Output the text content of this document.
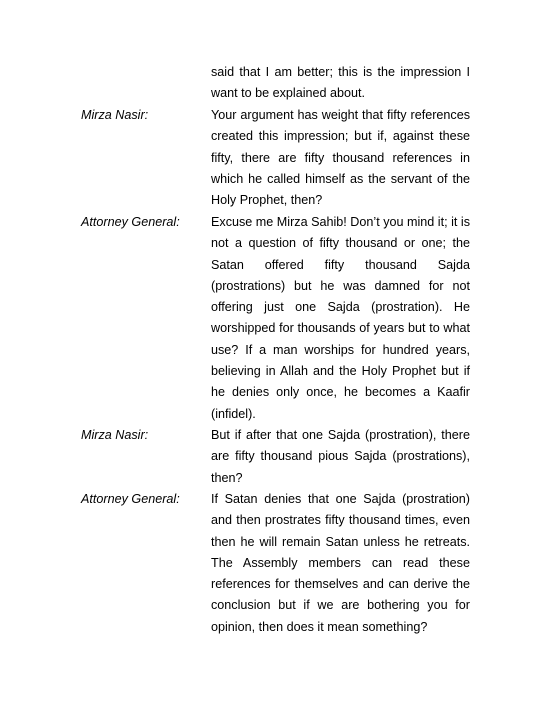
said that I am better; this is the impression I
want to be explained about.
Mirza Nasir:	Your argument has weight that fifty references
created this impression; but if, against these
fifty, there are fifty thousand references in
which he called himself as the servant of the
Holy Prophet, then?
Attorney General: Excuse me Mirza Sahib! Don’t you mind it; it is
not a question of fifty thousand or one; the
Satan offered fifty thousand Sajda
(prostrations) but he was damned for not
offering just one Sajda (prostration). He
worshipped for thousands of years but to what
use? If a man worships for hundred years,
believing in Allah and the Holy Prophet but if
he denies only once, he becomes a Kaafir
(infidel).
Mirza Nasir:	But if after that one Sajda (prostration), there
are fifty thousand pious Sajda (prostrations),
then?
Attorney General: If Satan denies that one Sajda (prostration)
and then prostrates fifty thousand times, even
then he will remain Satan unless he retreats.
The Assembly members can read these
references for themselves and can derive the
conclusion but if we are bothering you for
opinion, then does it mean something?
